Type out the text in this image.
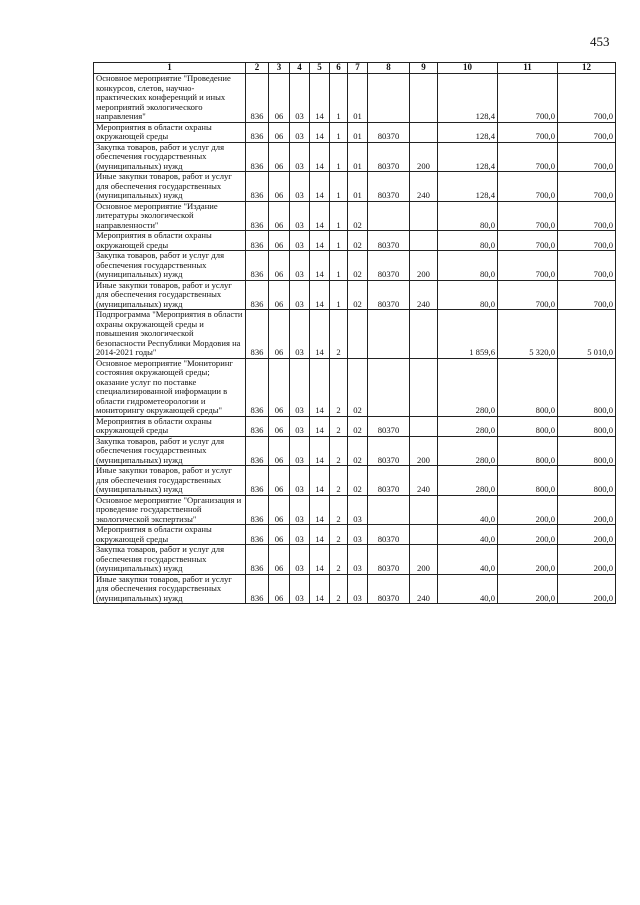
453
1	2	3	4	5	6	7	8	9	10	11	12
Основное мероприятие "Проведение конкурсов, слетов, научно-практических конференций и иных мероприятий экологического направления"	836	06	03	14	1	01			128,4	700,0	700,0
Мероприятия в области охраны окружающей среды	836	06	03	14	1	01	80370		128,4	700,0	700,0
Закупка товаров, работ и услуг для обеспечения государственных (муниципальных) нужд	836	06	03	14	1	01	80370	200	128,4	700,0	700,0
Иные закупки товаров, работ и услуг для обеспечения государственных (муниципальных) нужд	836	06	03	14	1	01	80370	240	128,4	700,0	700,0
Основное мероприятие "Издание литературы экологической направленности"	836	06	03	14	1	02			80,0	700,0	700,0
Мероприятия в области охраны окружающей среды	836	06	03	14	1	02	80370		80,0	700,0	700,0
Закупка товаров, работ и услуг для обеспечения государственных (муниципальных) нужд	836	06	03	14	1	02	80370	200	80,0	700,0	700,0
Иные закупки товаров, работ и услуг для обеспечения государственных (муниципальных) нужд	836	06	03	14	1	02	80370	240	80,0	700,0	700,0
Подпрограмма "Мероприятия в области охраны окружающей среды и повышения экологической безопасности Республики Мордовия на 2014-2021 годы"	836	06	03	14	2				1 859,6	5 320,0	5 010,0
Основное мероприятие "Мониторинг состояния окружающей среды; оказание услуг по поставке специализированной информации в области гидрометеорологии и мониторингу окружающей среды"	836	06	03	14	2	02			280,0	800,0	800,0
Мероприятия в области охраны окружающей среды	836	06	03	14	2	02	80370		280,0	800,0	800,0
Закупка товаров, работ и услуг для обеспечения государственных (муниципальных) нужд	836	06	03	14	2	02	80370	200	280,0	800,0	800,0
Иные закупки товаров, работ и услуг для обеспечения государственных (муниципальных) нужд	836	06	03	14	2	02	80370	240	280,0	800,0	800,0
Основное мероприятие "Организация и проведение государственной экологической экспертизы"	836	06	03	14	2	03			40,0	200,0	200,0
Мероприятия в области охраны окружающей среды	836	06	03	14	2	03	80370		40,0	200,0	200,0
Закупка товаров, работ и услуг для обеспечения государственных (муниципальных) нужд	836	06	03	14	2	03	80370	200	40,0	200,0	200,0
Иные закупки товаров, работ и услуг для обеспечения государственных (муниципальных) нужд	836	06	03	14	2	03	80370	240	40,0	200,0	200,0
